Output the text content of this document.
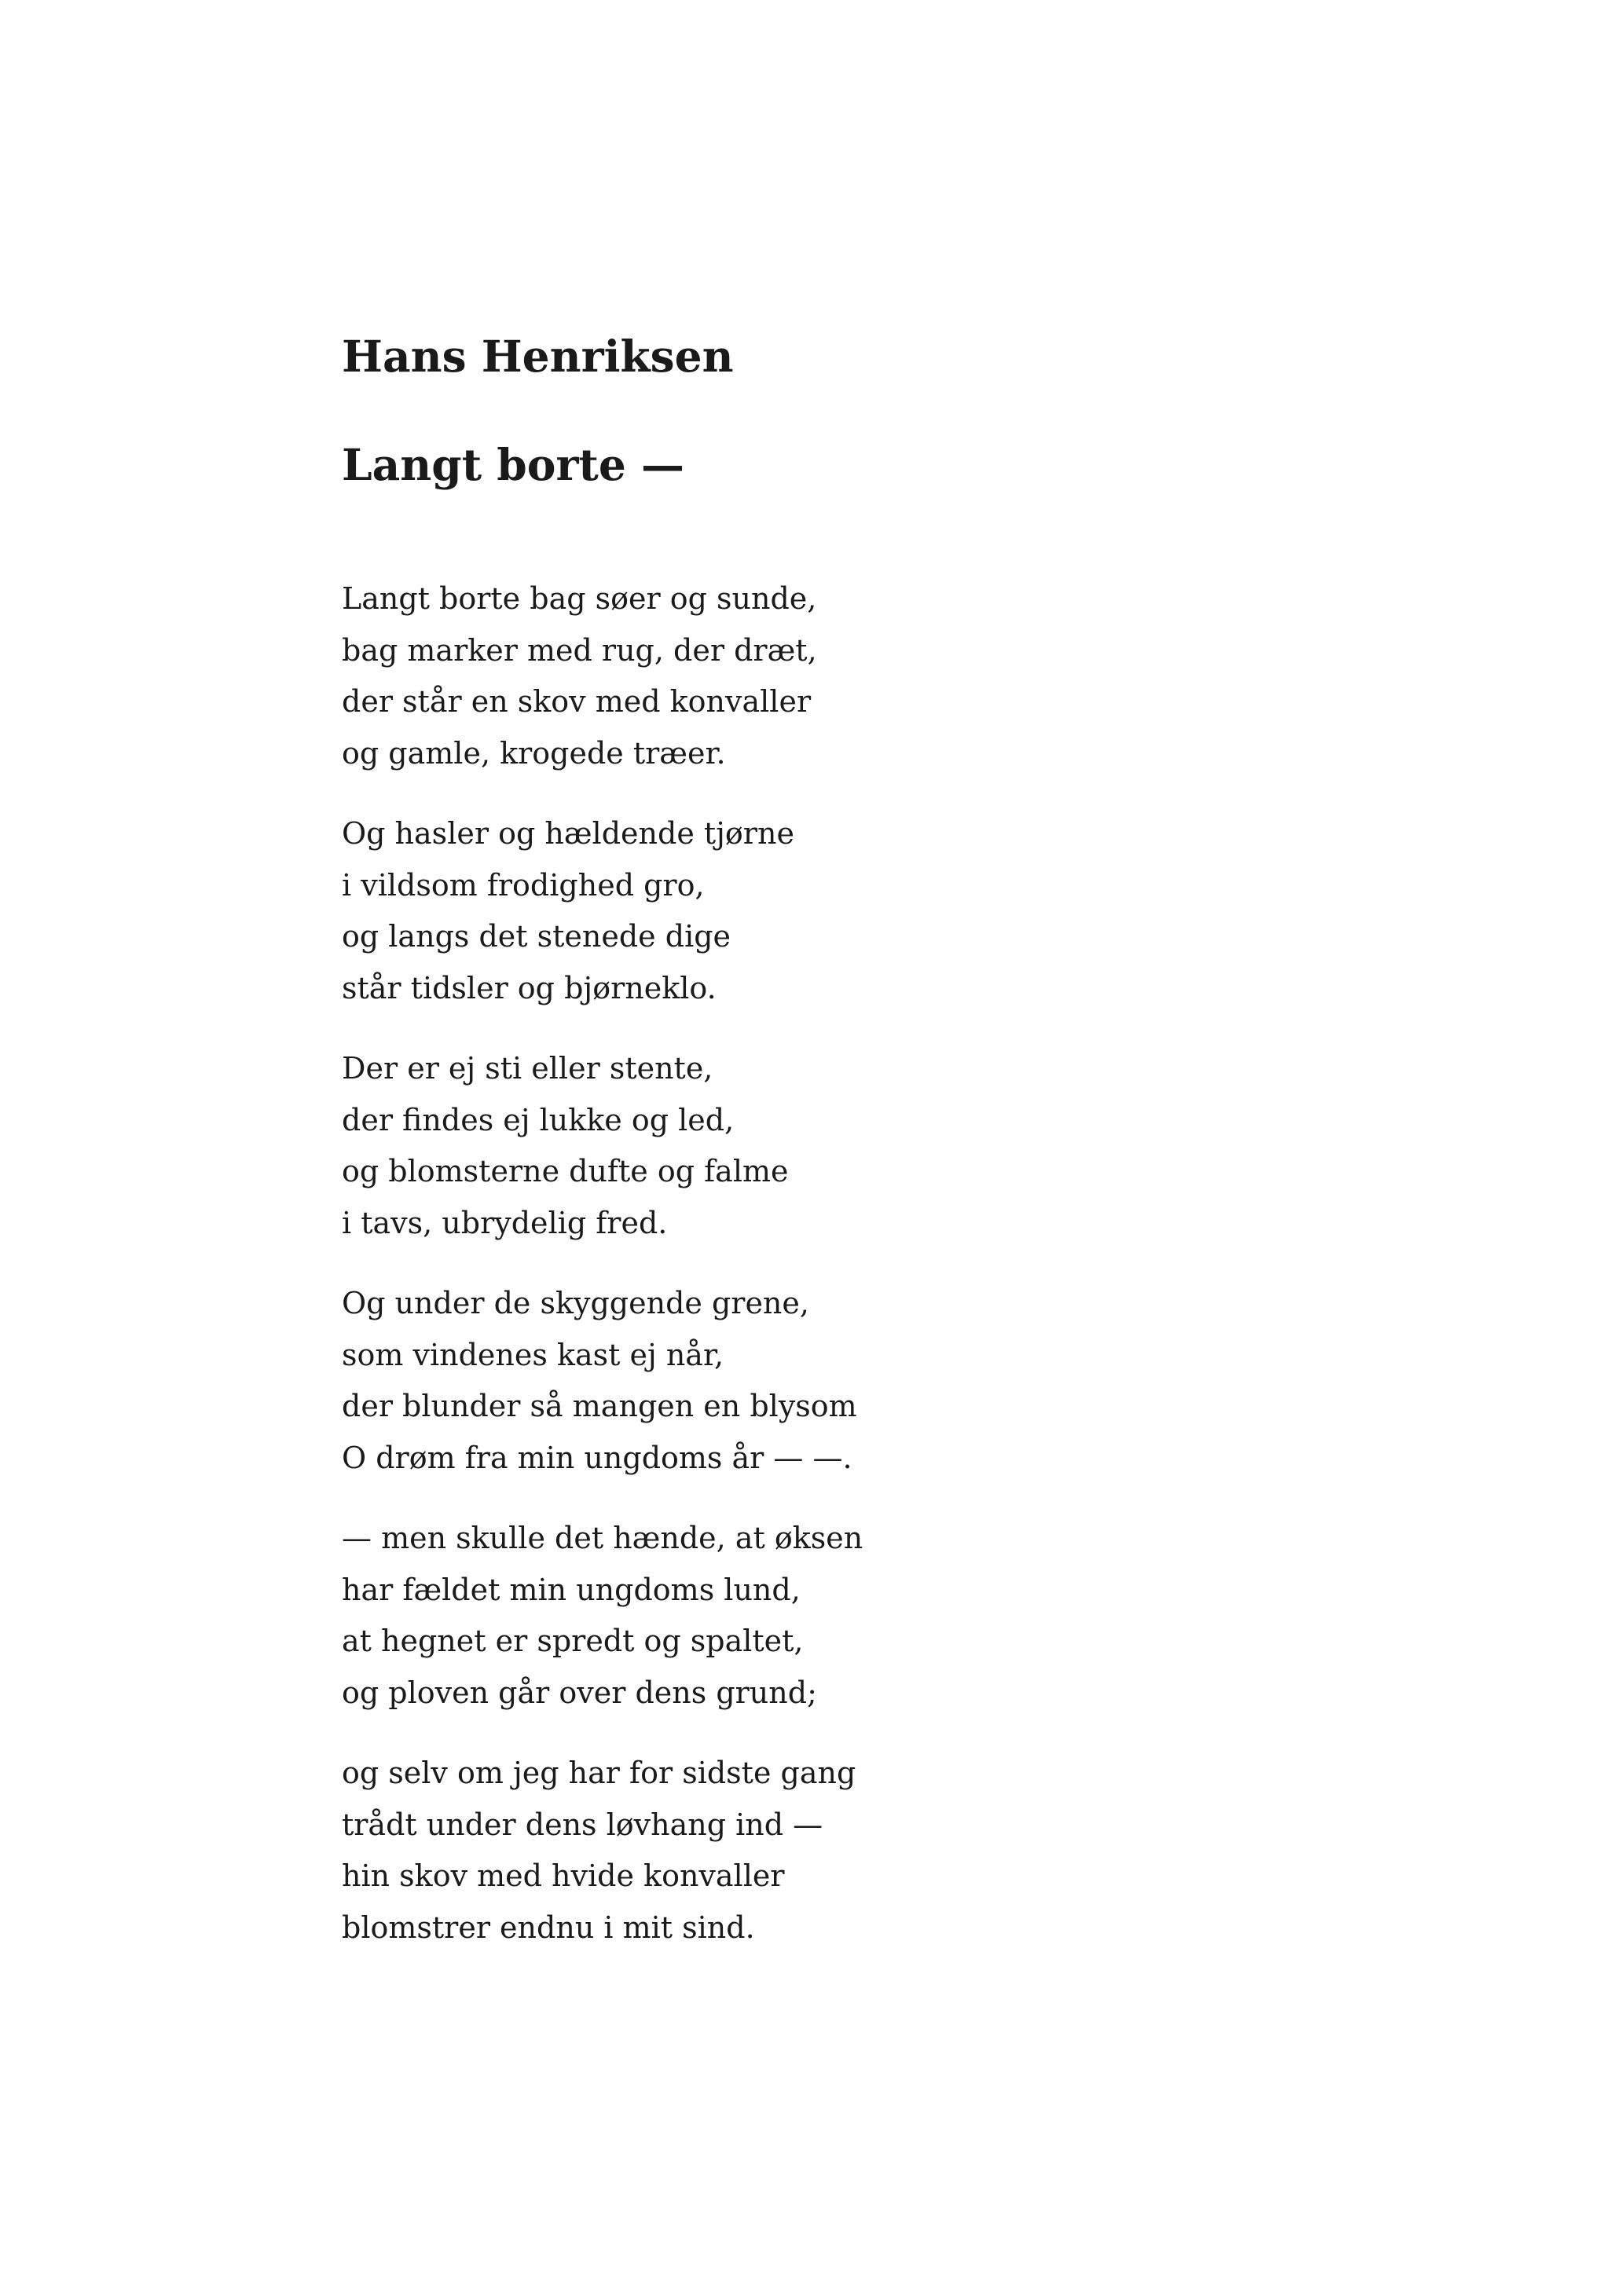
Hans Henriksen
Langt borte —
Langt borte bag søer og sunde,
bag marker med rug, der dræt,
der står en skov med konvaller
og gamle, krogede træer.
Og hasler og hældende tjørne
i vildsom frodighed gro,
og langs det stenede dige
står tidsler og bjørneklo.
Der er ej sti eller stente,
der findes ej lukke og led,
og blomsterne dufte og falme
i tavs, ubrydelig fred.
Og under de skyggende grene,
som vindenes kast ej når,
der blunder så mangen en blysom
O drøm fra min ungdoms år — —.
— men skulle det hænde, at øksen
har fældet min ungdoms lund,
at hegnet er spredt og spaltet,
og ploven går over dens grund;
og selv om jeg har for sidste gang
trådt under dens løvhang ind —
hin skov med hvide konvaller
blomstrer endnu i mit sind.
